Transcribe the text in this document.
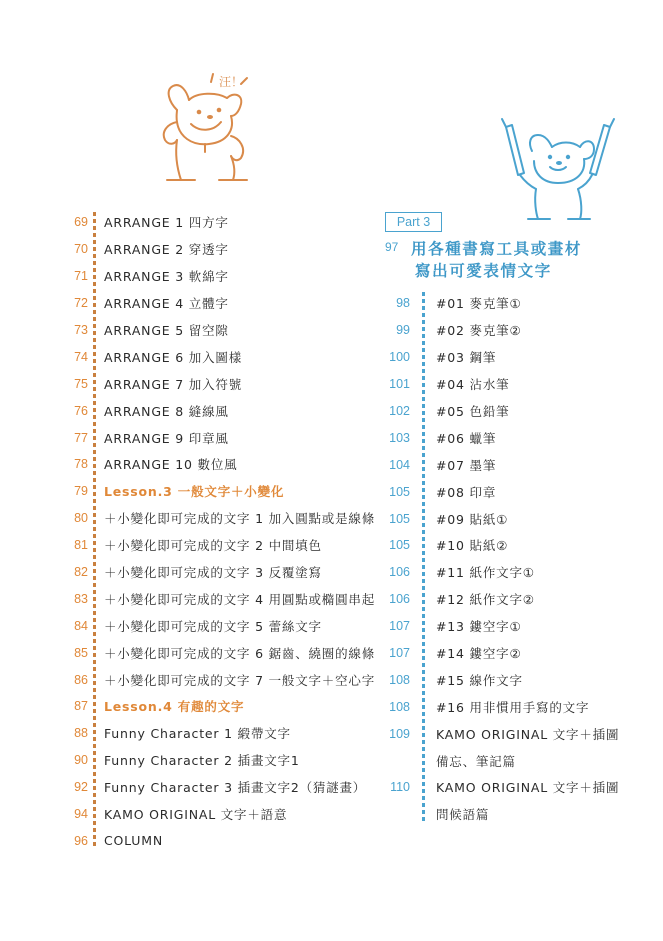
汪！
69 ARRANGE 1 四方字
70 ARRANGE 2 穿透字
71 ARRANGE 3 軟綿字
72 ARRANGE 4 立體字
73 ARRANGE 5 留空隙
74 ARRANGE 6 加入圖樣
75 ARRANGE 7 加入符號
76 ARRANGE 8 縫線風
77 ARRANGE 9 印章風
78 ARRANGE 10 數位風
79 Lesson.3 一般文字＋小變化
80 ＋小變化即可完成的文字 1 加入圓點或是線條
81 ＋小變化即可完成的文字 2 中間填色
82 ＋小變化即可完成的文字 3 反覆塗寫
83 ＋小變化即可完成的文字 4 用圓點或橢圓串起
84 ＋小變化即可完成的文字 5 蕾絲文字
85 ＋小變化即可完成的文字 6 鋸齒、繞圈的線條
86 ＋小變化即可完成的文字 7 一般文字＋空心字
87 Lesson.4 有趣的文字
88 Funny Character 1 緞帶文字
90 Funny Character 2 插畫文字1
92 Funny Character 3 插畫文字2（猜謎畫）
94 KAMO ORIGINAL 文字＋語意
96 COLUMN
Part 3
97 用各種書寫工具或畫材
寫出可愛表情文字
98 #01 麥克筆①
99 #02 麥克筆②
100 #03 鋼筆
101 #04 沾水筆
102 #05 色鉛筆
103 #06 蠟筆
104 #07 墨筆
105 #08 印章
105 #09 貼紙①
105 #10 貼紙②
106 #11 紙作文字①
106 #12 紙作文字②
107 #13 鏤空字①
107 #14 鏤空字②
108 #15 線作文字
108 #16 用非慣用手寫的文字
109 KAMO ORIGINAL 文字＋插圖
備忘、筆記篇
110 KAMO ORIGINAL 文字＋插圖
問候語篇
